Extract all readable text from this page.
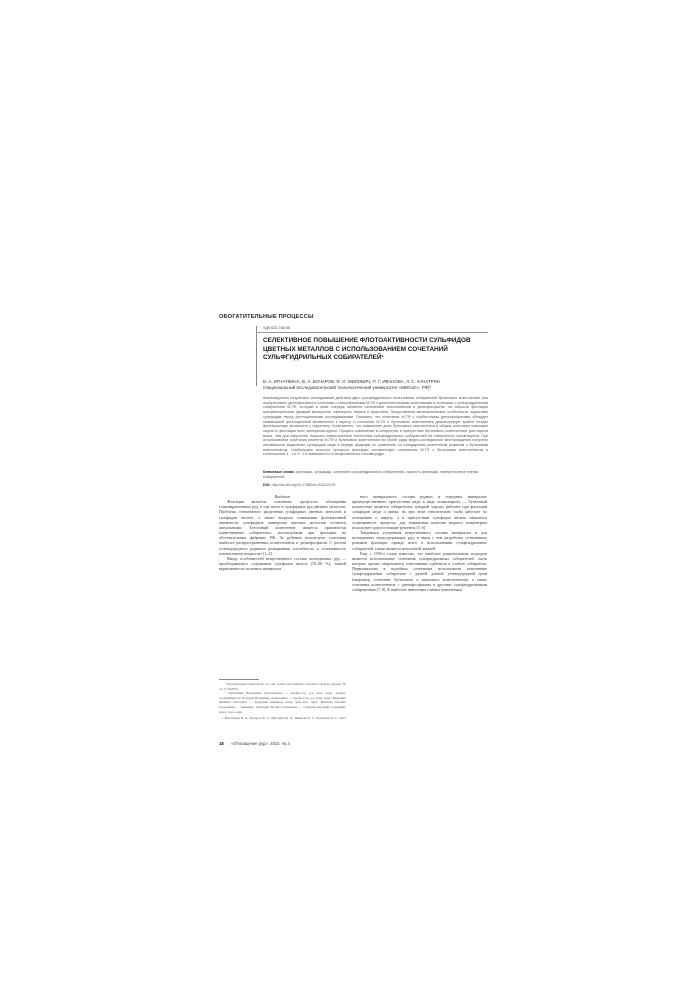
ОБОГАТИТЕЛЬНЫЕ ПРОЦЕССЫ
УДК 622.765.06
СЕЛЕКТИВНОЕ ПОВЫШЕНИЕ ФЛОТОАКТИВНОСТИ СУЛЬФИДОВ ЦВЕТНЫХ МЕТАЛЛОВ С ИСПОЛЬЗОВАНИЕМ СОЧЕТАНИЙ СУЛЬФГИДРИЛЬНЫХ СОБИРАТЕЛЕЙ¹
В. А. ИГНАТКИНА, В. А. БОЧАРОВ, Ф. О. МИЛОВИЧ, П. Г. ИВАНОВА, Л. С. ХАЧАТРЯН
(Национальный исследовательский технологический университет «МИСиС», РФ)²
Анализируются результаты исследований действия двух сульфгидрильных селективных собирателей бутилового ксантогената или изобутилового дитиофосфата в сочетании с ионообразными М-ТФ с дополнительными сочетаниями в сочетании с сульфгидрильным собирателем М-ТФ, который в свою очередь является сочетанием тиосолюбилов и дитиофосфатов, на скорость флотации мономинеральных фракций минералов: сфалерита, пирита и пирротина. Представлены механистические особенности подготовки сульфидов перед флотационными исследованиями. Показано, что сочетание М-ТФ с сорбентными дитиофосфатами обладает наименьшей флотационной активностью к пириту, а сочетание М-ТФ и бутилового ксантогената демонстрирует крайне низкую флотационную активность к пирротину. Установлено, что повышение доли бутилового ксантогената в общем сочетании повышает скорость флотации всех минералов-крупок. Процесс извлечения в концентрат и присутствие бутилового ксантогената для пирита выше, чем для пирротина. Вскрыты поверхностные технологии сульфгидрильных собирателей на поверхности халькопирита. При использовании сочетания реагента М-ТФ и бутилового ксантогената во пробе руды медно-колчеданного месторождения получено оптимальное выделение сульфидов меди в первую фракцию по сравнению со стандартным реагентным режимом с бутиловым ксантогенатом. Наибольшая скорость процесса флотации соответствует сочетаниям М-ТФ с бутиловым ксантогенатом в соотношении 4 : 1 и 3 : 1 в зависимости от вещественного состава руды.
Ключевые слова: флотация, сульфиды, сочетание сульфгидрильных собирателей, скорость флотации, поверхностные пленки собирателей.
DOI: http://dx.doi.org/10.17580/or.2015.03.05

Введение

Флотация является основным процессом обогащения тонковкрапленных руд, в том числе и сульфидных руд цветных металлов. Проблема селективного разделения сульфидных цветных металлов и сульфидов железа, а также вопросы повышения флотационной активности сульфидных минералов цветных металлов остаются актуальными. Бутиловый ксантогенат является практически единственным собирателем, используемым при флотации на обогатительных фабриках РФ. За рубежом используют сочетания наиболее распространенных ксантогенатов и дитиофосфатов. С ростом углеводородного радикала реакционная способность и селективность ксантогенатов возрастает [1–4].

Ввиду особенностей вещественного состава колчеданных руд — преобладающего содержания сульфидов железа (70–90 %), тонкой вкрапленности полезных минералов

ного минерального состава рудных и породных минералов, преимущественного присутствия меди в виде халькопирита — бутиловый ксантогенат является собирателем, который хорошо работает при флотации сульфидов меди и цинка, но при этом относительно слабо работает по отношению к пириту, а в присутствии сульфидов железа снижается селективность процесса; для повышения качества медного концентрата используют дорогостоящие реагенты [5, 6].

Тенденции улучшения вещественного состава материалов и для колчеданных медьсодержащих руд, в связи с чем разработка селективных режимов флотации прежде всего в использовании сульфгидрильных собирателей, также является актуальной задачей.

Еще с 1950-х годов известно, что наиболее рациональным подходом является использование сочетания сульфгидрильных собирателей, часть которых прочно закрепляется сочетаниями сорбентов и слабого собирателя. Первоначально в подобных сочетаниях использовали ионогенные сульфгидрильные собиратели с разной длиной углеводородной цепи (например, сочетание бутилового и амилового ксантогенатов), а также сочетания ксантогенатов с дитиофосфатами и другими сульфгидрильными собирателями [7, 8]. К наиболее известным слабым ионогенным

¹ Исследование выполнено за счет гранта Российского научного фонда (проект № 14-17-00393).

² Игнаткина Валентина Анатольевна — профессор, д-р техн. наук, доцент, woda@misis.ru; Бочаров Владимир Алексеевич — профессор, д-р техн. наук; Милович Филипп Олегович — ведущий инженер, канд. физ.-мат. наук; Иванова Полина Георгиевна — инженер; Хачатрян Лилия Степановна — старший научный сотрудник, канд. техн. наук.

© Игнаткина В. А., Бочаров В. А., Милович Ф. О., Иванова П. Г., Хачатрян Л. С., 2015

18 «Обогащение руд». 2015. № 3
